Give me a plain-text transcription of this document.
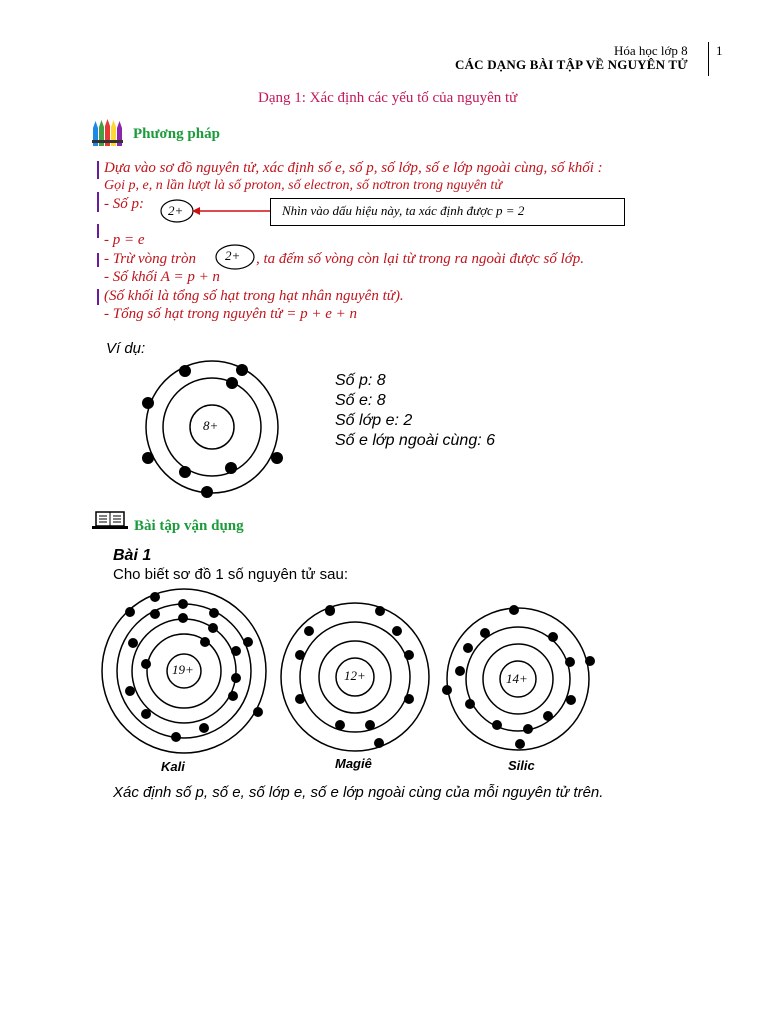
Hóa học lớp 8 1
CÁC DẠNG BÀI TẬP VỀ NGUYÊN TỬ
Dạng 1: Xác định các yếu tố của nguyên tử
Phương pháp
Dựa vào sơ đồ nguyên tử, xác định số e, số p, số lớp, số e lớp ngoài cùng, số khối :
Gọi p, e, n lần lượt là số proton, số electron, số nơtron trong nguyên tử
- Số p: 2+	Nhìn vào dấu hiệu này, ta xác định được p = 2
- p = e
- Trừ vòng tròn 2+ , ta đếm số vòng còn lại từ trong ra ngoài được số lớp.
- Số khối A = p + n
(Số khối là tổng số hạt trong hạt nhân nguyên tử).
- Tổng số hạt trong nguyên tử = p + e + n
Ví dụ:
8+
Số p: 8
Số e: 8
Số lớp e: 2
Số e lớp ngoài cùng: 6
Bài tập vận dụng
Bài 1
Cho biết sơ đồ 1 số nguyên tử sau:
19+	12+	14+
Kali	Magiê	Silic
Xác định số p, số e, số lớp e, số e lớp ngoài cùng của mỗi nguyên tử trên.
